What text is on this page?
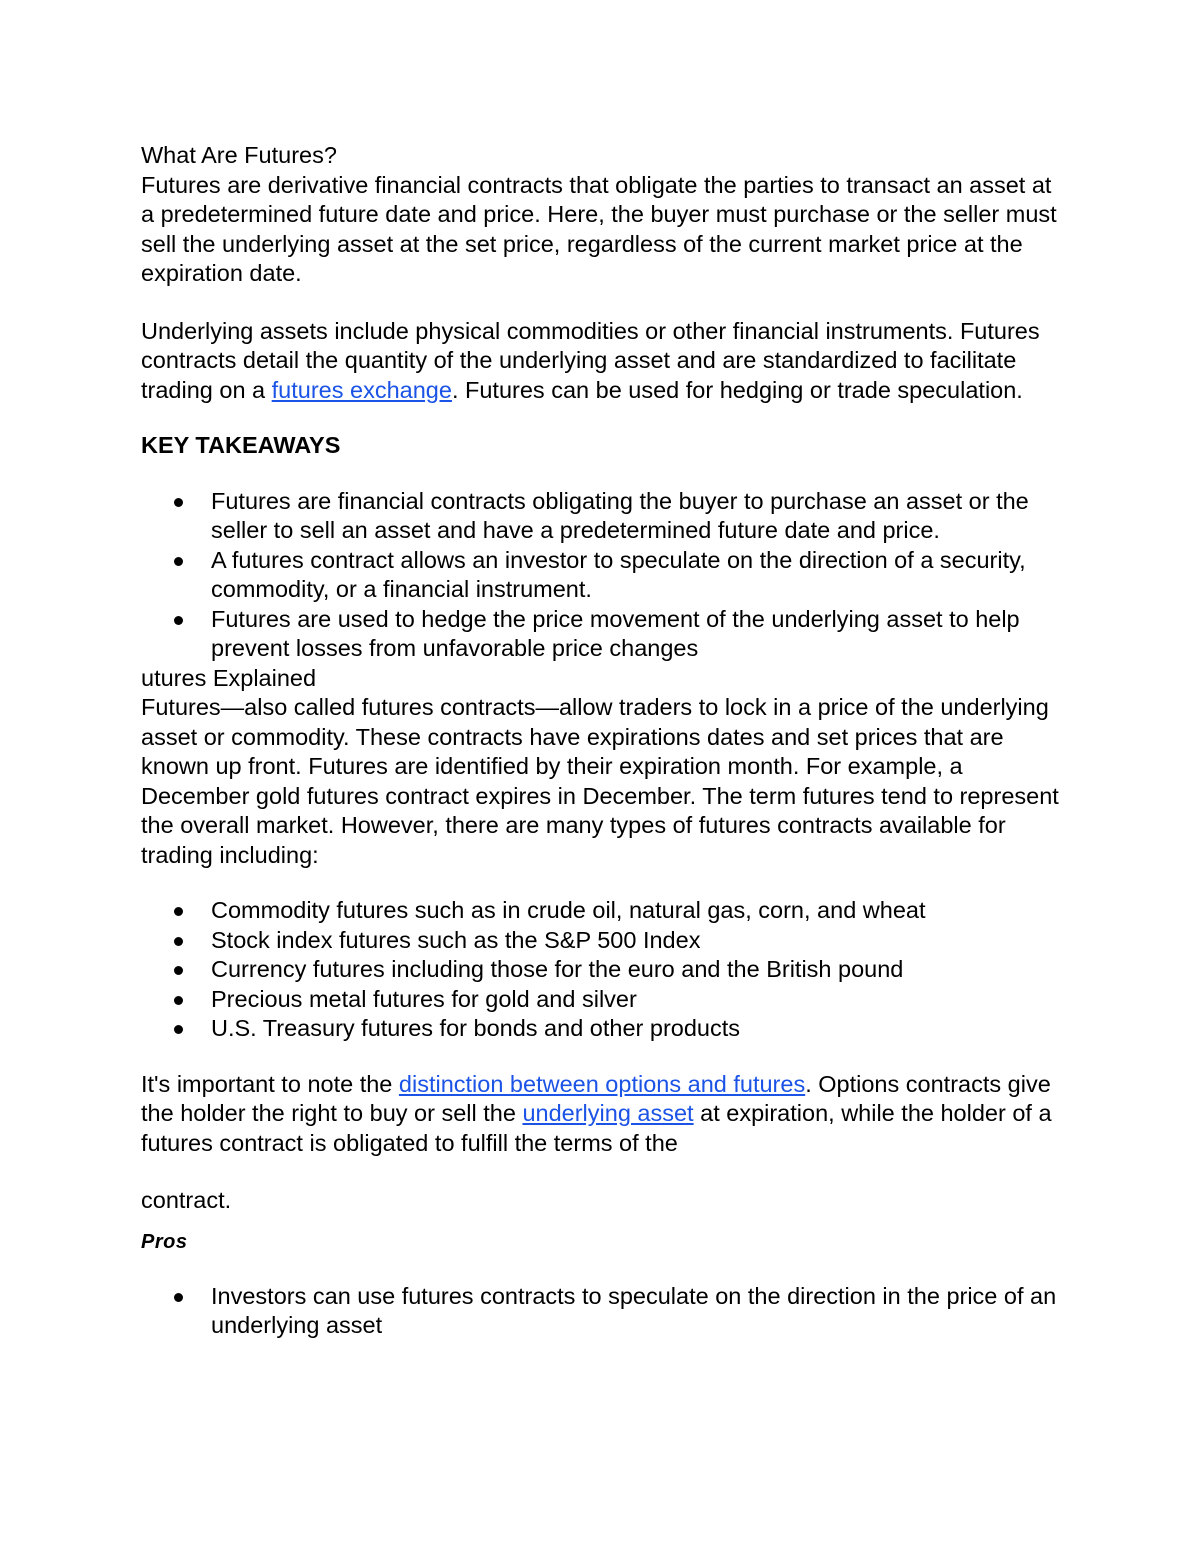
What Are Futures?

Futures are derivative financial contracts that obligate the parties to transact an asset at a predetermined future date and price. Here, the buyer must purchase or the seller must sell the underlying asset at the set price, regardless of the current market price at the expiration date.

Underlying assets include physical commodities or other financial instruments. Futures contracts detail the quantity of the underlying asset and are standardized to facilitate trading on a futures exchange. Futures can be used for hedging or trade speculation.

KEY TAKEAWAYS
Futures are financial contracts obligating the buyer to purchase an asset or the seller to sell an asset and have a predetermined future date and price.
A futures contract allows an investor to speculate on the direction of a security, commodity, or a financial instrument.
Futures are used to hedge the price movement of the underlying asset to help prevent losses from unfavorable price changes

utures Explained

Futures—also called futures contracts—allow traders to lock in a price of the underlying asset or commodity. These contracts have expirations dates and set prices that are known up front. Futures are identified by their expiration month. For example, a December gold futures contract expires in December. The term futures tend to represent the overall market. However, there are many types of futures contracts available for trading including:

Commodity futures such as in crude oil, natural gas, corn, and wheat
Stock index futures such as the S&P 500 Index
Currency futures including those for the euro and the British pound
Precious metal futures for gold and silver
U.S. Treasury futures for bonds and other products

It's important to note the distinction between options and futures. Options contracts give the holder the right to buy or sell the underlying asset at expiration, while the holder of a futures contract is obligated to fulfill the terms of the

contract.

Pros

Investors can use futures contracts to speculate on the direction in the price of an underlying asset
